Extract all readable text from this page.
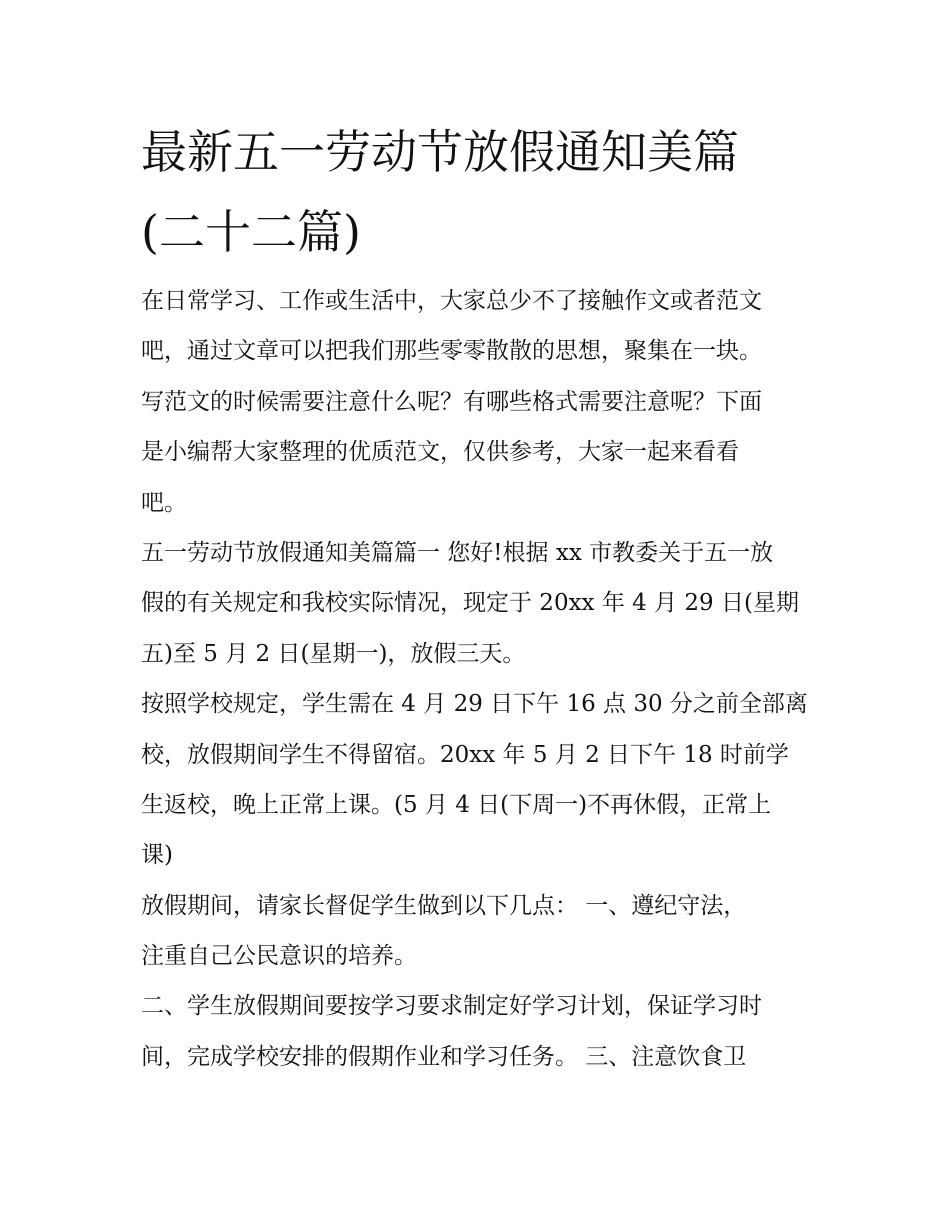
最新五一劳动节放假通知美篇
(二十二篇)

在日常学习、工作或生活中，大家总少不了接触作文或者范文
吧，通过文章可以把我们那些零零散散的思想，聚集在一块。
写范文的时候需要注意什么呢？有哪些格式需要注意呢？下面
是小编帮大家整理的优质范文，仅供参考，大家一起来看看
吧。

五一劳动节放假通知美篇篇一 您好!根据 xx 市教委关于五一放
假的有关规定和我校实际情况，现定于 20xx 年 4 月 29 日(星期
五)至 5 月 2 日(星期一)，放假三天。

按照学校规定，学生需在 4 月 29 日下午 16 点 30 分之前全部离
校，放假期间学生不得留宿。20xx 年 5 月 2 日下午 18 时前学
生返校，晚上正常上课。(5 月 4 日(下周一)不再休假，正常上
课)

放假期间，请家长督促学生做到以下几点： 一、遵纪守法，
注重自己公民意识的培养。

二、学生放假期间要按学习要求制定好学习计划，保证学习时
间，完成学校安排的假期作业和学习任务。 三、注意饮食卫
